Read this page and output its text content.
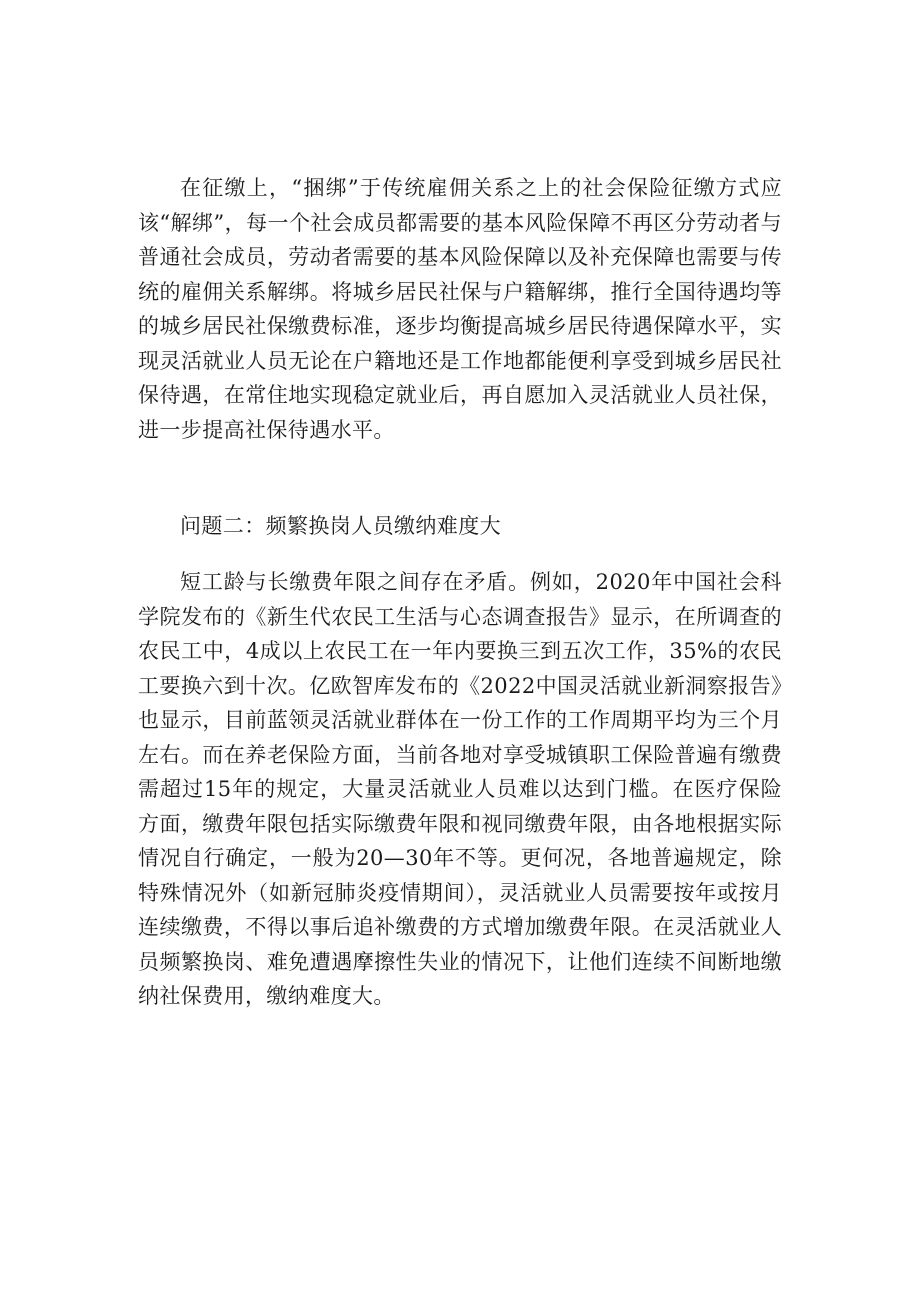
在征缴上，“捆绑”于传统雇佣关系之上的社会保险征缴方式应该“解绑”，每一个社会成员都需要的基本风险保障不再区分劳动者与普通社会成员，劳动者需要的基本风险保障以及补充保障也需要与传统的雇佣关系解绑。将城乡居民社保与户籍解绑，推行全国待遇均等的城乡居民社保缴费标准，逐步均衡提高城乡居民待遇保障水平，实现灵活就业人员无论在户籍地还是工作地都能便利享受到城乡居民社保待遇，在常住地实现稳定就业后，再自愿加入灵活就业人员社保，进一步提高社保待遇水平。

问题二：频繁换岗人员缴纳难度大

短工龄与长缴费年限之间存在矛盾。例如，2020年中国社会科学院发布的《新生代农民工生活与心态调查报告》显示，在所调查的农民工中，4成以上农民工在一年内要换三到五次工作，35%的农民工要换六到十次。亿欧智库发布的《2022中国灵活就业新洞察报告》也显示，目前蓝领灵活就业群体在一份工作的工作周期平均为三个月左右。而在养老保险方面，当前各地对享受城镇职工保险普遍有缴费需超过15年的规定，大量灵活就业人员难以达到门槛。在医疗保险方面，缴费年限包括实际缴费年限和视同缴费年限，由各地根据实际情况自行确定，一般为20—30年不等。更何况，各地普遍规定，除特殊情况外（如新冠肺炎疫情期间），灵活就业人员需要按年或按月连续缴费，不得以事后追补缴费的方式增加缴费年限。在灵活就业人员频繁换岗、难免遭遇摩擦性失业的情况下，让他们连续不间断地缴纳社保费用，缴纳难度大。
